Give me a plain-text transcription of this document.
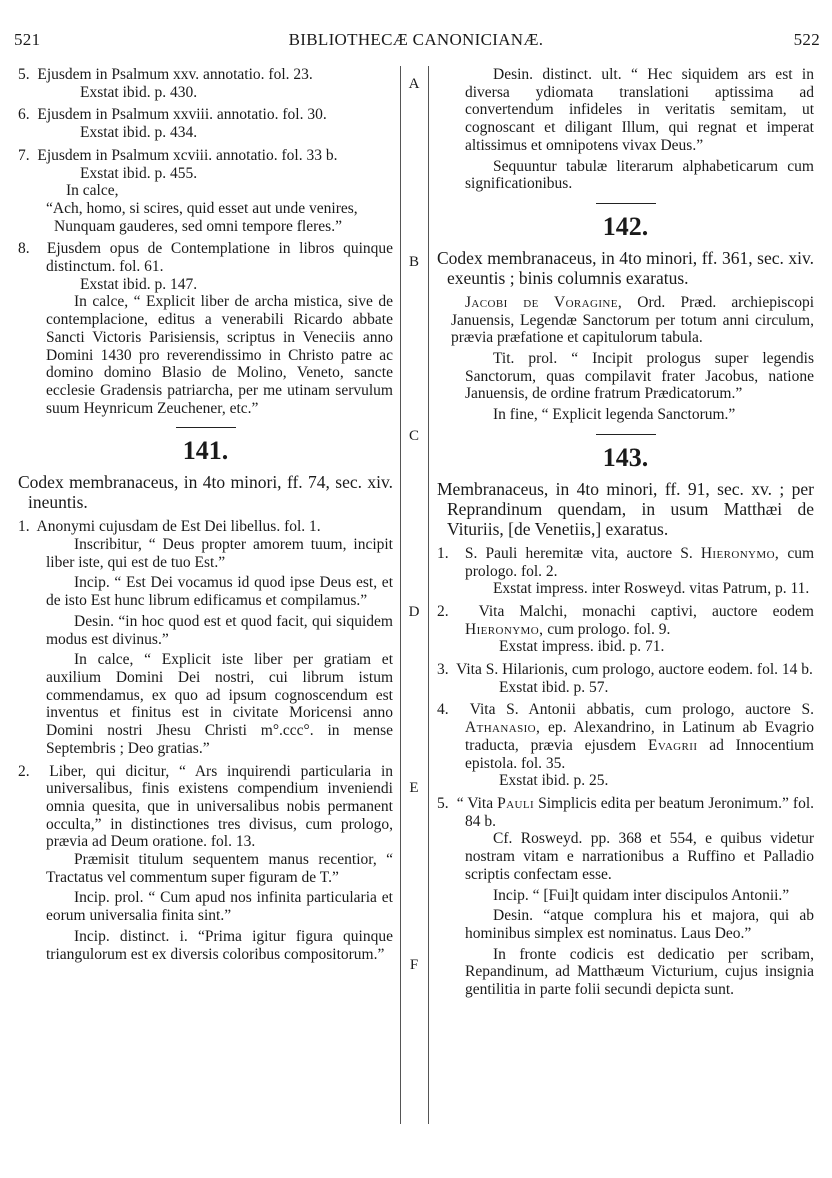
521	BIBLIOTHECÆ CANONICIANÆ.	522
A
B
C
D
E
F
5. Ejusdem in Psalmum xxv. annotatio. fol. 23.
Exstat ibid. p. 430.
6. Ejusdem in Psalmum xxviii. annotatio. fol. 30.
Exstat ibid. p. 434.
7. Ejusdem in Psalmum xcviii. annotatio. fol. 33 b.
Exstat ibid. p. 455.
In calce,
“Ach, homo, si scires, quid esset aut unde venires,
Nunquam gauderes, sed omni tempore fleres.”
8. Ejusdem opus de Contemplatione in libros quinque distinctum. fol. 61.
Exstat ibid. p. 147.
In calce, “ Explicit liber de archa mistica, sive de contemplacione, editus a venerabili Ricardo abbate Sancti Victoris Parisiensis, scriptus in Veneciis anno Domini 1430 pro reverendissimo in Christo patre ac domino domino Blasio de Molino, Veneto, sancte ecclesie Gradensis patriarcha, per me utinam servulum suum Heynricum Zeuchener, etc.”
141.
Codex membranaceus, in 4to minori, ff. 74, sec. xiv. ineuntis.
1. Anonymi cujusdam de Est Dei libellus. fol. 1.
Inscribitur, “ Deus propter amorem tuum, incipit liber iste, qui est de tuo Est.”
Incip. “ Est Dei vocamus id quod ipse Deus est, et de isto Est hunc librum edificamus et compilamus.”
Desin. “in hoc quod est et quod facit, qui siquidem modus est divinus.”
In calce, “ Explicit iste liber per gratiam et auxilium Domini Dei nostri, cui librum istum commendamus, ex quo ad ipsum cognoscendum est inventus et finitus est in civitate Moricensi anno Domini nostri Jhesu Christi m°.ccc°. in mense Septembris ; Deo gratias.”
2. Liber, qui dicitur, “ Ars inquirendi particularia in universalibus, finis existens compendium inveniendi omnia quesita, que in universalibus nobis permanent occulta,” in distinctiones tres divisus, cum prologo, prævia ad Deum oratione. fol. 13.
Præmisit titulum sequentem manus recentior, “ Tractatus vel commentum super figuram de T.”
Incip. prol. “ Cum apud nos infinita particularia et eorum universalia finita sint.”
Incip. distinct. i. “Prima igitur figura quinque triangulorum est ex diversis coloribus compositorum.”
Desin. distinct. ult. “ Hec siquidem ars est in diversa ydiomata translationi aptissima ad convertendum infideles in veritatis semitam, ut cognoscant et diligant Illum, qui regnat et imperat altissimus et omnipotens vivax Deus.”
Sequuntur tabulæ literarum alphabeticarum cum significationibus.
142.
Codex membranaceus, in 4to minori, ff. 361, sec. xiv. exeuntis ; binis columnis exaratus.
Jacobi de Voragine, Ord. Præd. archiepiscopi Januensis, Legendæ Sanctorum per totum anni circulum, prævia præfatione et capitulorum tabula.
Tit. prol. “ Incipit prologus super legendis Sanctorum, quas compilavit frater Jacobus, natione Januensis, de ordine fratrum Prædicatorum.”
In fine, “ Explicit legenda Sanctorum.”
143.
Membranaceus, in 4to minori, ff. 91, sec. xv. ; per Reprandinum quendam, in usum Matthæi de Vituriis, [de Venetiis,] exaratus.
1. S. Pauli heremitæ vita, auctore S. Hieronymo, cum prologo. fol. 2.
Exstat impress. inter Rosweyd. vitas Patrum, p. 11.
2. Vita Malchi, monachi captivi, auctore eodem Hieronymo, cum prologo. fol. 9.
Exstat impress. ibid. p. 71.
3. Vita S. Hilarionis, cum prologo, auctore eodem. fol. 14 b.
Exstat ibid. p. 57.
4. Vita S. Antonii abbatis, cum prologo, auctore S. Athanasio, ep. Alexandrino, in Latinum ab Evagrio traducta, prævia ejusdem Evagrii ad Innocentium epistola. fol. 35.
Exstat ibid. p. 25.
5. “ Vita Pauli Simplicis edita per beatum Jeronimum.” fol. 84 b.
Cf. Rosweyd. pp. 368 et 554, e quibus videtur nostram vitam e narrationibus a Ruffino et Palladio scriptis confectam esse.
Incip. “ [Fui]t quidam inter discipulos Antonii.”
Desin. “atque complura his et majora, qui ab hominibus simplex est nominatus. Laus Deo.”
In fronte codicis est dedicatio per scribam, Repandinum, ad Matthæum Victurium, cujus insignia gentilitia in parte folii secundi depicta sunt.
